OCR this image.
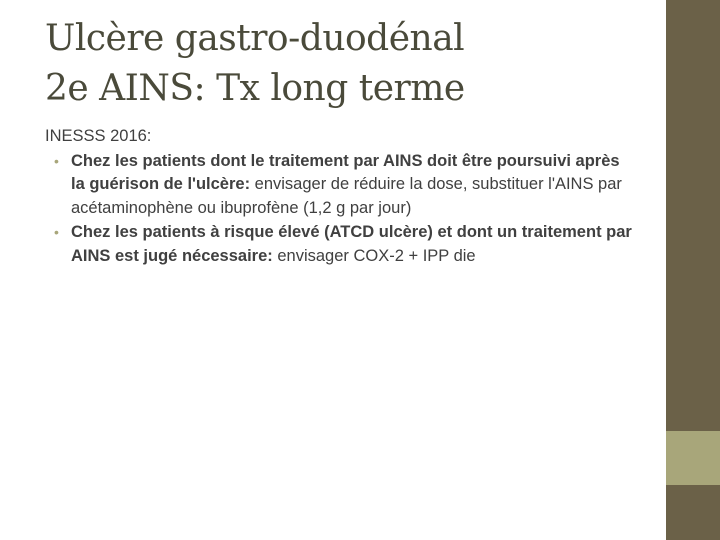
Ulcère gastro-duodénal
2e AINS: Tx long terme
INESSS 2016:
• Chez les patients dont le traitement par AINS doit être poursuivi après la guérison de l'ulcère: envisager de réduire la dose, substituer l'AINS par acétaminophène ou ibuprofène (1,2 g par jour)
• Chez les patients à risque élevé (ATCD ulcère) et dont un traitement par AINS est jugé nécessaire: envisager COX-2 + IPP die
